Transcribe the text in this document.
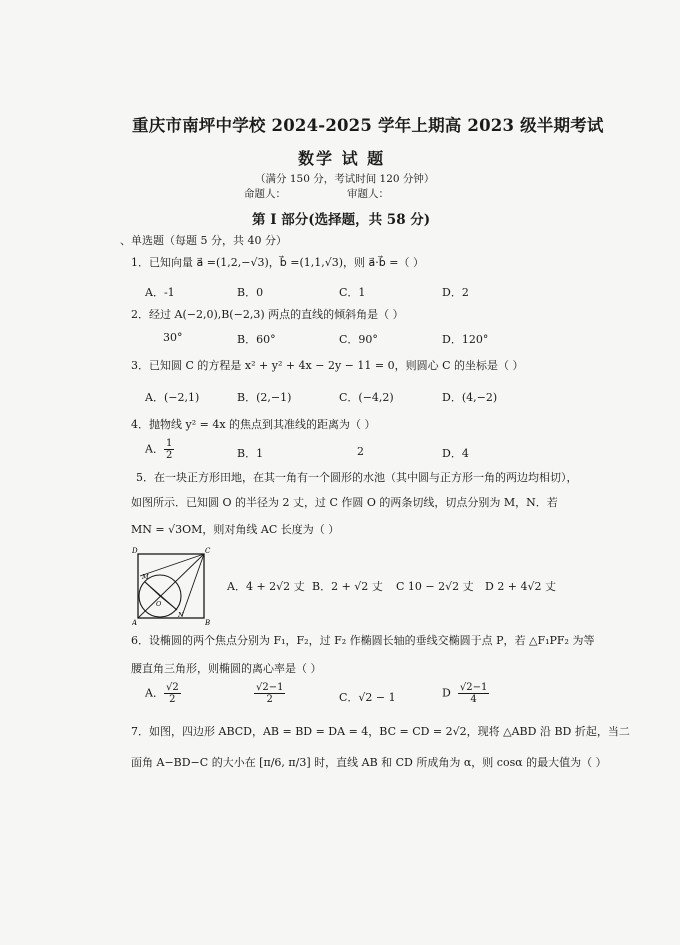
重庆市南坪中学校 2024-2025 学年上期高 2023 级半期考试
数学 试 题
（满分 150 分，考试时间 120 分钟）
命题人：	审题人：
第 I 部分(选择题，共 58 分)
、单选题（每题 5 分，共 40 分）
1．已知向量 a⃗ =(1,2,−√3)，b⃗ =(1,1,√3)，则 a⃗·b⃗ =（ ）
A．-1	B．0	C．1	D．2
2．经过 A(−2,0),B(−2,3) 两点的直线的倾斜角是（ ）
30°	B．60°	C．90°	D．120°
3．已知圆 C 的方程是 x² + y² + 4x − 2y − 11 = 0，则圆心 C 的坐标是（ ）
A．(−2,1)	B．(2,−1)	C．(−4,2)	D．(4,−2)
4．抛物线 y² = 4x 的焦点到其准线的距离为（ ）
A． $\frac{1}{2}$	B．1	2	D．4
5．在一块正方形田地，在其一角有一个圆形的水池（其中圆与正方形一角的两边均相切），
如图所示．已知圆 O 的半径为 2 丈，过 C 作圆 O 的两条切线，切点分别为 M，N．若
MN = √3OM，则对角线 AC 长度为（ ）
D	C
M
O
N
A	B
A．4 + 2√2 丈 B．2 + √2 丈 C 10 − 2√2 丈 D 2 + 4√2 丈
6．设椭圆的两个焦点分别为 F₁，F₂，过 F₂ 作椭圆长轴的垂线交椭圆于点 P，若 △F₁PF₂ 为等
腰直角三角形，则椭圆的离心率是（ ）
A． $\frac{√2}{2}$	$\frac{√2-1}{2}$	C．√2 − 1	D $\frac{√2-1}{4}$
7．如图，四边形 ABCD，AB = BD = DA = 4，BC = CD = 2√2，现将 △ABD 沿 BD 折起，当二
面角 A−BD−C 的大小在 [π/6, π/3] 时，直线 AB 和 CD 所成角为 α，则 cosα 的最大值为（ ）
